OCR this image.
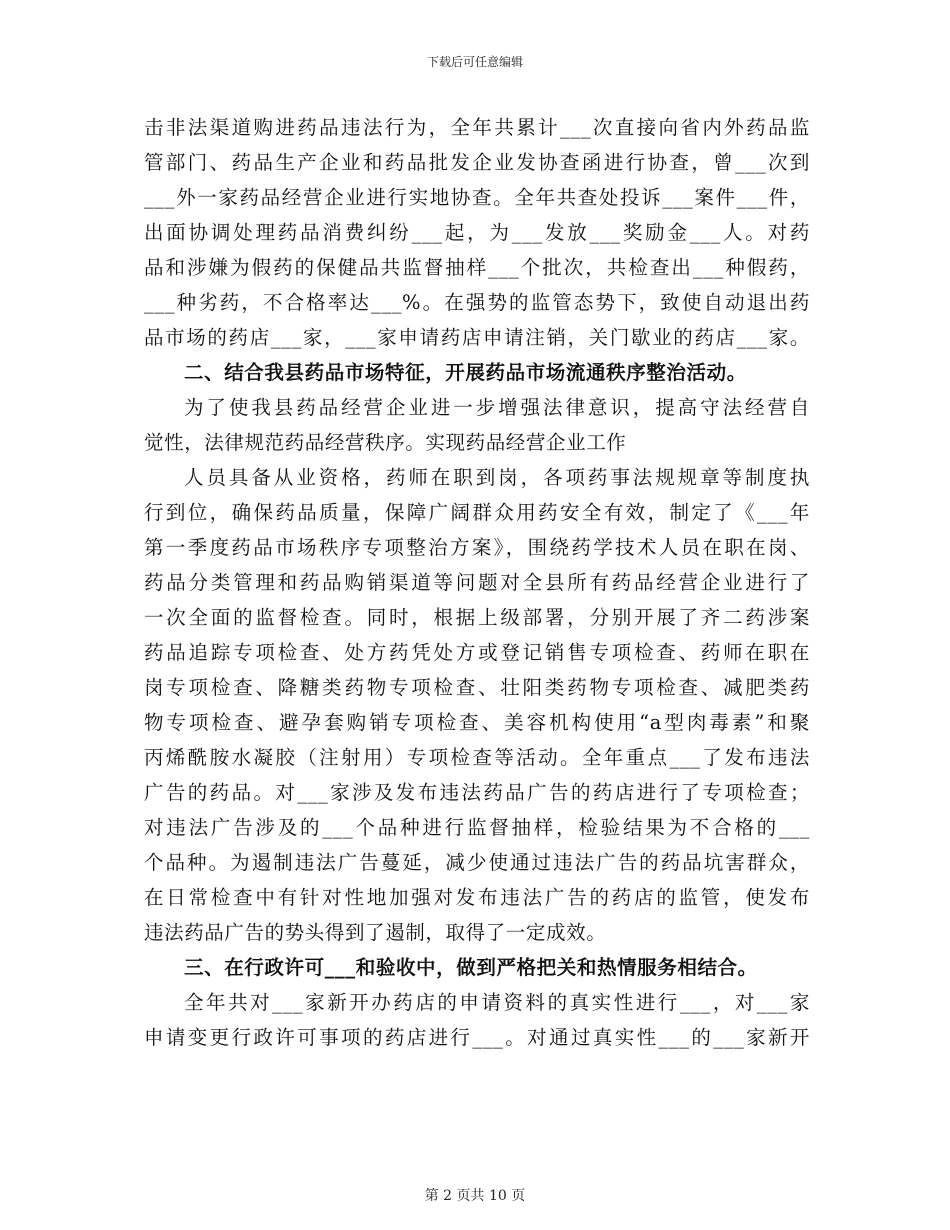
下载后可任意编辑
击非法渠道购进药品违法行为，全年共累计___次直接向省内外药品监
管部门、药品生产企业和药品批发企业发协查函进行协查，曾___次到
___外一家药品经营企业进行实地协查。全年共查处投诉___案件___件，
出面协调处理药品消费纠纷___起，为___发放___奖励金___人。对药
品和涉嫌为假药的保健品共监督抽样___个批次，共检查出___种假药，
___种劣药，不合格率达___%。在强势的监管态势下，致使自动退出药
品市场的药店___家，___家申请药店申请注销，关门歇业的药店___家。
二、结合我县药品市场特征，开展药品市场流通秩序整治活动。
为了使我县药品经营企业进一步增强法律意识，提高守法经营自
觉性，法律规范药品经营秩序。实现药品经营企业工作
人员具备从业资格，药师在职到岗，各项药事法规规章等制度执
行到位，确保药品质量，保障广阔群众用药安全有效，制定了《___年
第一季度药品市场秩序专项整治方案》，围绕药学技术人员在职在岗、
药品分类管理和药品购销渠道等问题对全县所有药品经营企业进行了
一次全面的监督检查。同时，根据上级部署，分别开展了齐二药涉案
药品追踪专项检查、处方药凭处方或登记销售专项检查、药师在职在
岗专项检查、降糖类药物专项检查、壮阳类药物专项检查、减肥类药
物专项检查、避孕套购销专项检查、美容机构使用“a型肉毒素”和聚
丙烯酰胺水凝胶（注射用）专项检查等活动。全年重点___了发布违法
广告的药品。对___家涉及发布违法药品广告的药店进行了专项检查；
对违法广告涉及的___个品种进行监督抽样，检验结果为不合格的___
个品种。为遏制违法广告蔓延，减少使通过违法广告的药品坑害群众，
在日常检查中有针对性地加强对发布违法广告的药店的监管，使发布
违法药品广告的势头得到了遏制，取得了一定成效。
三、在行政许可___和验收中，做到严格把关和热情服务相结合。
全年共对___家新开办药店的申请资料的真实性进行___，对___家
申请变更行政许可事项的药店进行___。对通过真实性___的___家新开
第 2 页共 10 页
